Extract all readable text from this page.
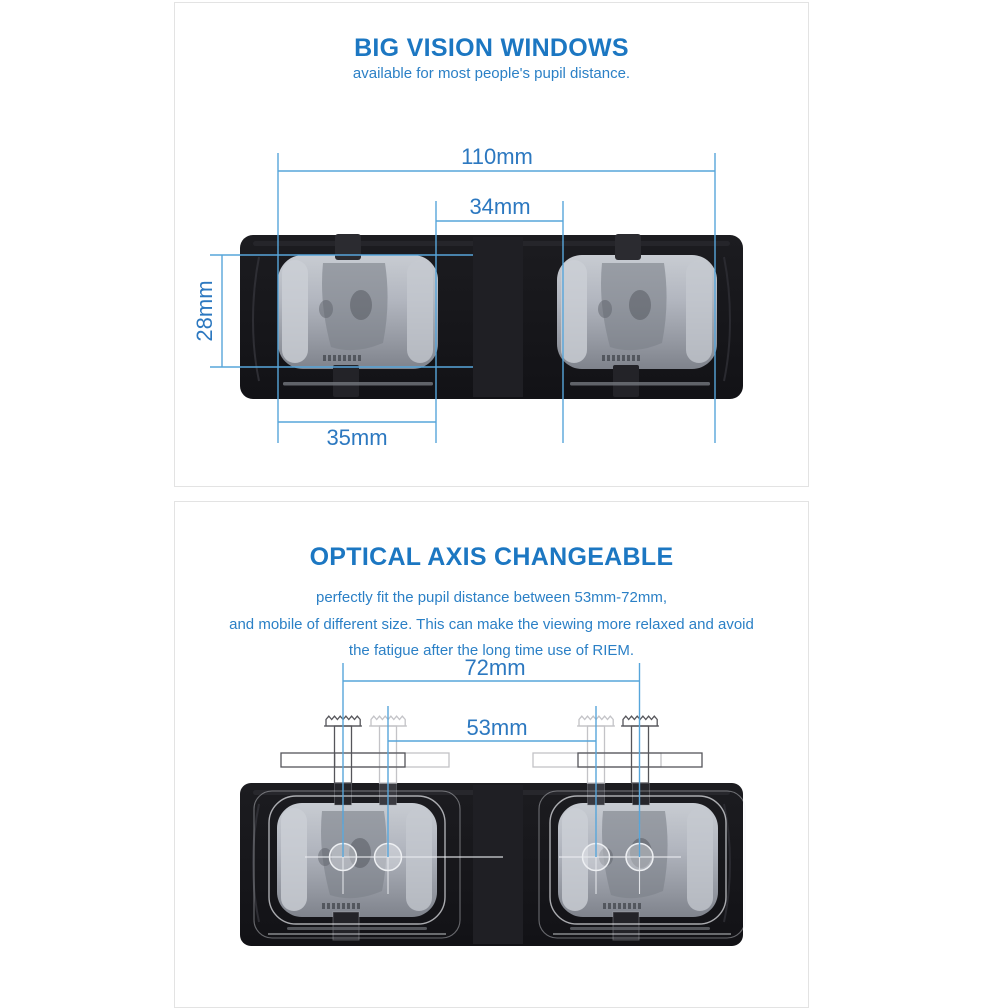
BIG VISION WINDOWS
available for most people's pupil distance.
110mm
34mm
35mm
28mm
OPTICAL AXIS CHANGEABLE
perfectly fit the pupil distance between 53mm-72mm,
and mobile of different size. This can make the viewing more relaxed and avoid
the fatigue after the long time use of RIEM.
72mm
53mm
